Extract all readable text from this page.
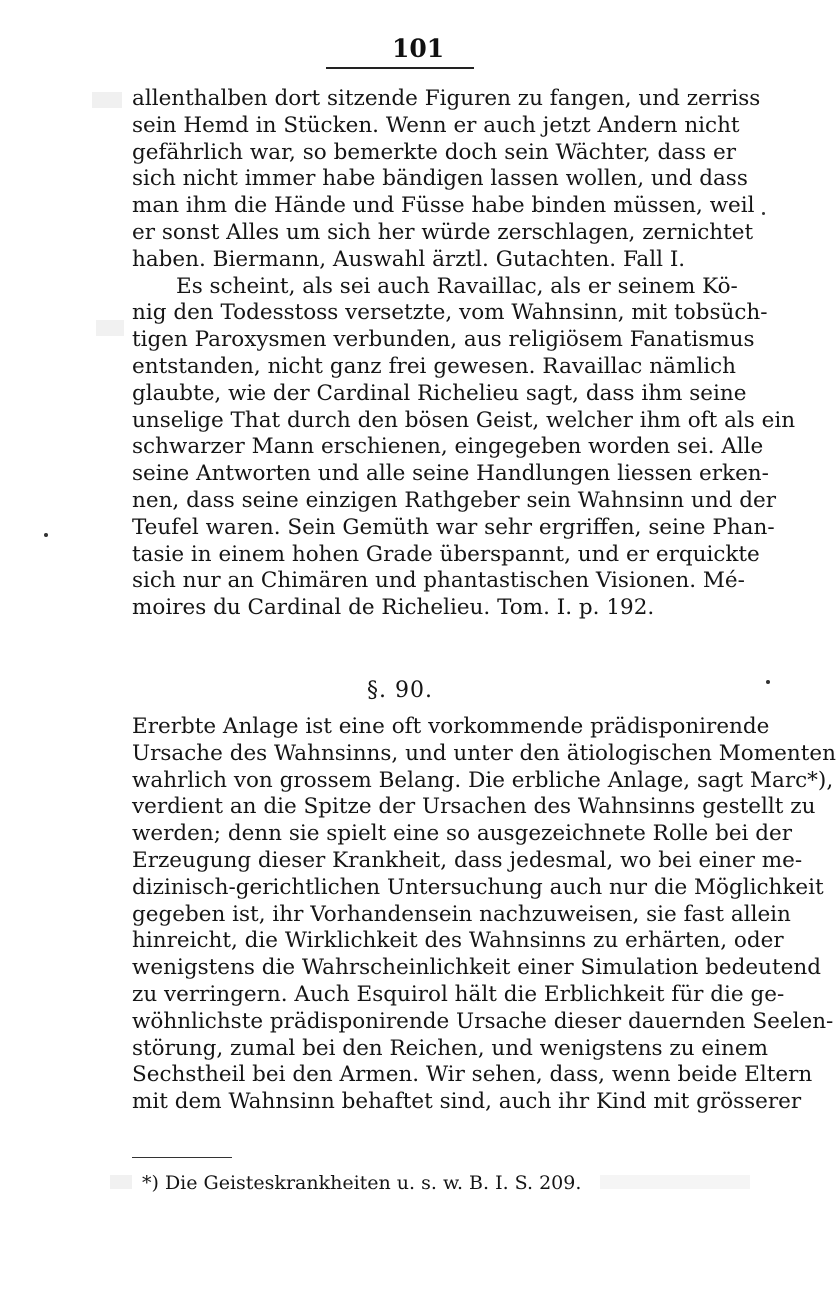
101
allenthalben dort sitzende Figuren zu fangen, und zerriss
sein Hemd in Stücken. Wenn er auch jetzt Andern nicht
gefährlich war, so bemerkte doch sein Wächter, dass er
sich nicht immer habe bändigen lassen wollen, und dass
man ihm die Hände und Füsse habe binden müssen, weil
er sonst Alles um sich her würde zerschlagen, zernichtet
haben. Biermann, Auswahl ärztl. Gutachten. Fall I.
Es scheint, als sei auch Ravaillac, als er seinem Kö-
nig den Todesstoss versetzte, vom Wahnsinn, mit tobsüch-
tigen Paroxysmen verbunden, aus religiösem Fanatismus
entstanden, nicht ganz frei gewesen. Ravaillac nämlich
glaubte, wie der Cardinal Richelieu sagt, dass ihm seine
unselige That durch den bösen Geist, welcher ihm oft als ein
schwarzer Mann erschienen, eingegeben worden sei. Alle
seine Antworten und alle seine Handlungen liessen erken-
nen, dass seine einzigen Rathgeber sein Wahnsinn und der
Teufel waren. Sein Gemüth war sehr ergriffen, seine Phan-
tasie in einem hohen Grade überspannt, und er erquickte
sich nur an Chimären und phantastischen Visionen. Mé-
moires du Cardinal de Richelieu. Tom. I. p. 192.
§. 90.
Ererbte Anlage ist eine oft vorkommende prädisponirende
Ursache des Wahnsinns, und unter den ätiologischen Momenten
wahrlich von grossem Belang. Die erbliche Anlage, sagt Marc*),
verdient an die Spitze der Ursachen des Wahnsinns gestellt zu
werden; denn sie spielt eine so ausgezeichnete Rolle bei der
Erzeugung dieser Krankheit, dass jedesmal, wo bei einer me-
dizinisch-gerichtlichen Untersuchung auch nur die Möglichkeit
gegeben ist, ihr Vorhandensein nachzuweisen, sie fast allein
hinreicht, die Wirklichkeit des Wahnsinns zu erhärten, oder
wenigstens die Wahrscheinlichkeit einer Simulation bedeutend
zu verringern. Auch Esquirol hält die Erblichkeit für die ge-
wöhnlichste prädisponirende Ursache dieser dauernden Seelen-
störung, zumal bei den Reichen, und wenigstens zu einem
Sechstheil bei den Armen. Wir sehen, dass, wenn beide Eltern
mit dem Wahnsinn behaftet sind, auch ihr Kind mit grösserer
*) Die Geisteskrankheiten u. s. w. B. I. S. 209.
